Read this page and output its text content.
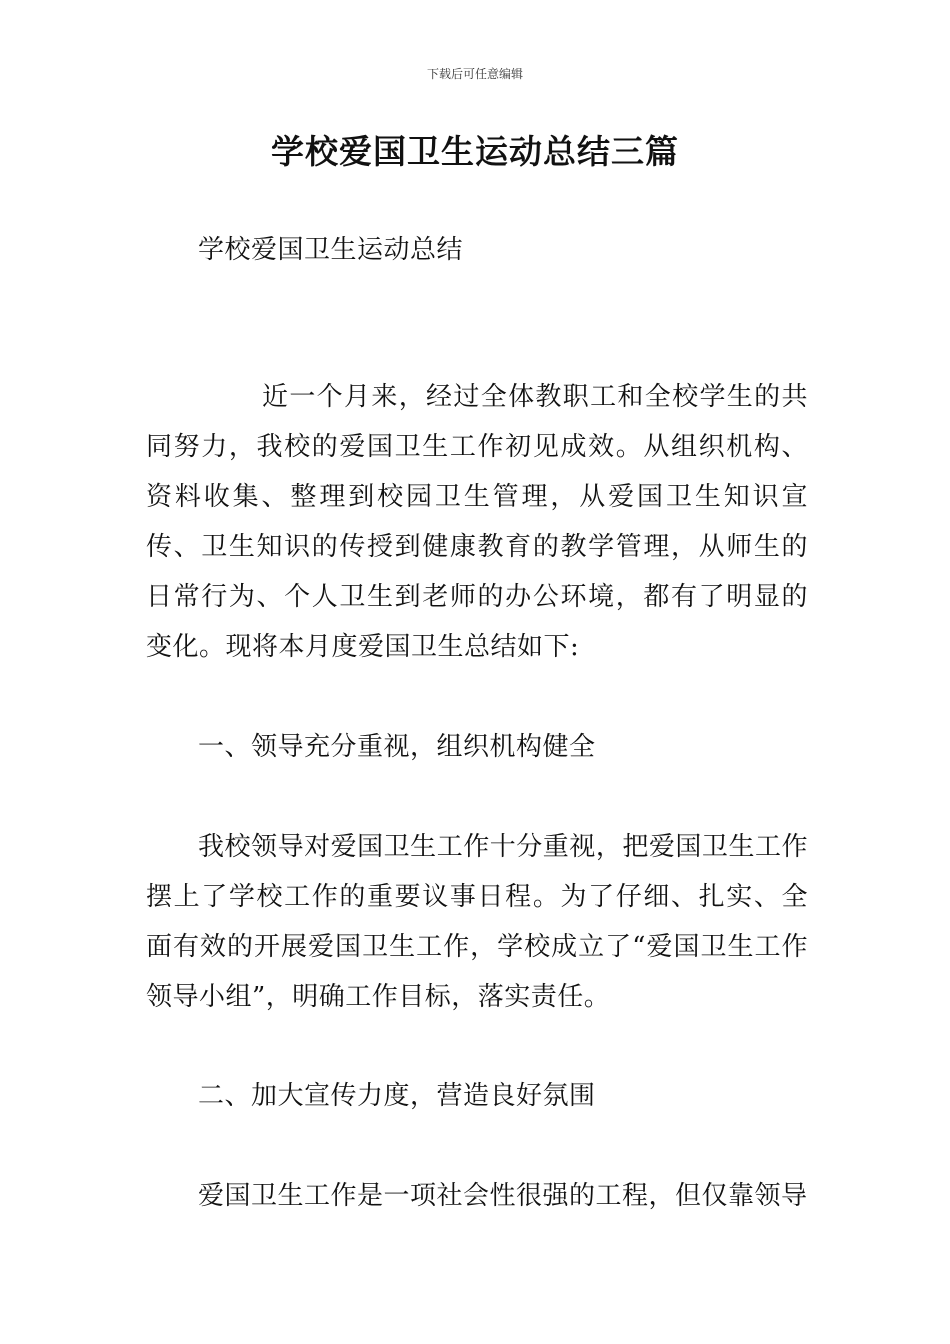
下载后可任意编辑
学校爱国卫生运动总结三篇

学校爱国卫生运动总结

近一个月来，经过全体教职工和全校学生的共同努力，我校的爱国卫生工作初见成效。从组织机构、资料收集、整理到校园卫生管理，从爱国卫生知识宣传、卫生知识的传授到健康教育的教学管理，从师生的日常行为、个人卫生到老师的办公环境，都有了明显的变化。现将本月度爱国卫生总结如下:

一、领导充分重视，组织机构健全

我校领导对爱国卫生工作十分重视，把爱国卫生工作摆上了学校工作的重要议事日程。为了仔细、扎实、全面有效的开展爱国卫生工作，学校成立了“爱国卫生工作领导小组”，明确工作目标，落实责任。

二、加大宣传力度，营造良好氛围

爱国卫生工作是一项社会性很强的工程，但仅靠领导
